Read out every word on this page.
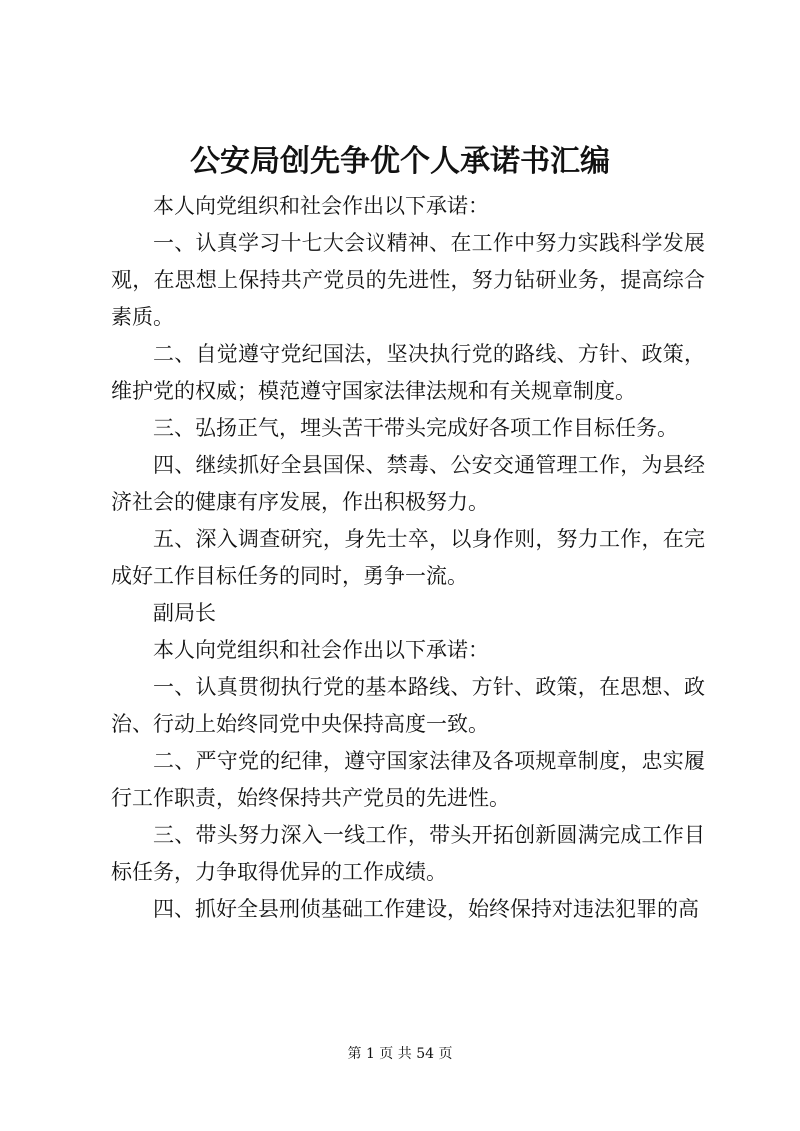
公安局创先争优个人承诺书汇编

本人向党组织和社会作出以下承诺：

一、认真学习十七大会议精神、在工作中努力实践科学发展观，在思想上保持共产党员的先进性，努力钻研业务，提高综合素质。

二、自觉遵守党纪国法，坚决执行党的路线、方针、政策，维护党的权威；模范遵守国家法律法规和有关规章制度。

三、弘扬正气，埋头苦干带头完成好各项工作目标任务。

四、继续抓好全县国保、禁毒、公安交通管理工作，为县经济社会的健康有序发展，作出积极努力。

五、深入调查研究，身先士卒，以身作则，努力工作，在完成好工作目标任务的同时，勇争一流。

副局长

本人向党组织和社会作出以下承诺：

一、认真贯彻执行党的基本路线、方针、政策，在思想、政治、行动上始终同党中央保持高度一致。

二、严守党的纪律，遵守国家法律及各项规章制度，忠实履行工作职责，始终保持共产党员的先进性。

三、带头努力深入一线工作，带头开拓创新圆满完成工作目标任务，力争取得优异的工作成绩。

四、抓好全县刑侦基础工作建设，始终保持对违法犯罪的高

第 1 页 共 54 页
